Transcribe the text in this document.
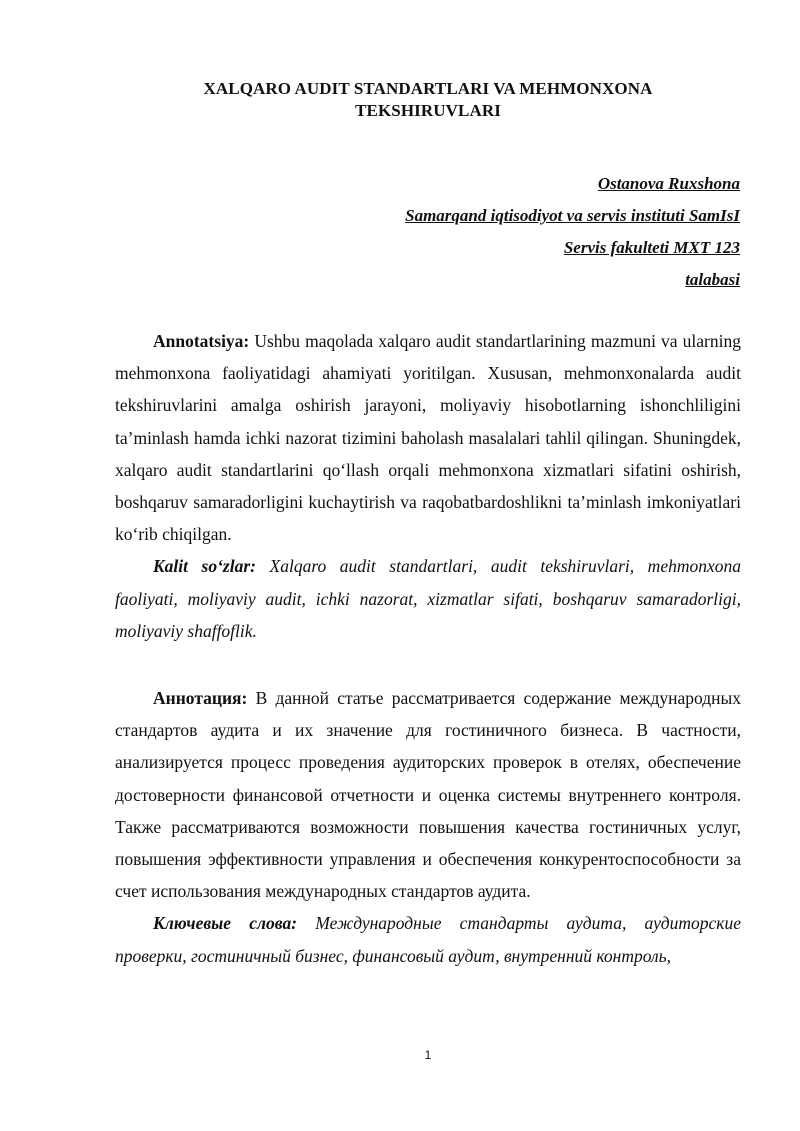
XALQARO AUDIT STANDARTLARI VA MEHMONXONA
TEKSHIRUVLARI
Ostanova Ruxshona
Samarqand iqtisodiyot va servis instituti SamIsI
Servis fakulteti MXT 123
talabasi

Annotatsiya: Ushbu maqolada xalqaro audit standartlarining mazmuni va ularning mehmonxona faoliyatidagi ahamiyati yoritilgan. Xususan, mehmonxonalarda audit tekshiruvlarini amalga oshirish jarayoni, moliyaviy hisobotlarning ishonchliligini ta’minlash hamda ichki nazorat tizimini baholash masalalari tahlil qilingan. Shuningdek, xalqaro audit standartlarini qo‘llash orqali mehmonxona xizmatlari sifatini oshirish, boshqaruv samaradorligini kuchaytirish va raqobatbardoshlikni ta’minlash imkoniyatlari ko‘rib chiqilgan.

Kalit so‘zlar: Xalqaro audit standartlari, audit tekshiruvlari, mehmonxona faoliyati, moliyaviy audit, ichki nazorat, xizmatlar sifati, boshqaruv samaradorligi, moliyaviy shaffoflik.

Аннотация: В данной статье рассматривается содержание международных стандартов аудита и их значение для гостиничного бизнеса. В частности, анализируется процесс проведения аудиторских проверок в отелях, обеспечение достоверности финансовой отчетности и оценка системы внутреннего контроля. Также рассматриваются возможности повышения качества гостиничных услуг, повышения эффективности управления и обеспечения конкурентоспособности за счет использования международных стандартов аудита.

Ключевые слова: Международные стандарты аудита, аудиторские проверки, гостиничный бизнес, финансовый аудит, внутренний контроль,

1
